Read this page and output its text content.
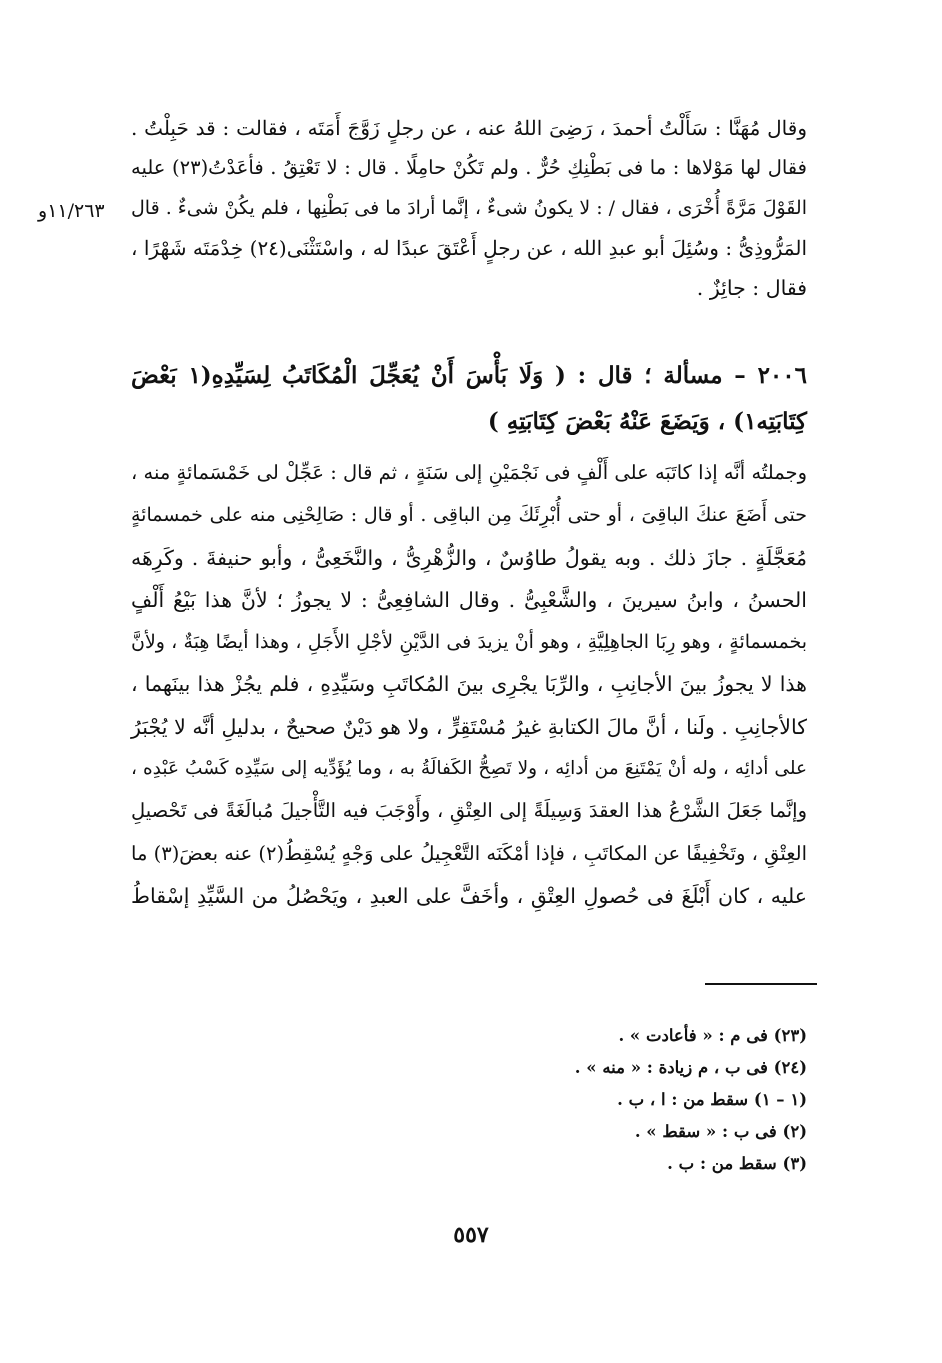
وقال مُهَنَّا : سَأَلْتُ أحمدَ ، رَضِىَ اللهُ عنه ، عن رجلٍ زَوَّجَ أَمَتَه ، فقالت : قد حَبِلْتُ .
فقال لها مَوْلاها : ما فى بَطْنِكِ حُرٌّ . ولم تَكُنْ حامِلًا . قال : لا تَعْتِقُ . فأعَدْتُ(٢٣) عليه
القَوْلَ مَرَّةً أُخْرَى ، فقال / : لا يكونُ شىءٌ ، إنَّما أرادَ ما فى بَطْنِها ، فلم يكُنْ شىءٌ . قال
المَرُّوذِىُّ : وسُئِلَ أبو عبدِ الله ، عن رجلٍ أَعْتَقَ عبدًا له ، واسْتَثْنَى(٢٤) خِدْمَتَه شَهْرًا ،
فقال : جائِزٌ .
١١/٢٦٣و
٢٠٠٦ – مسألة ؛ قال : ( وَلَا بَأْسَ أَنْ يُعَجِّلَ الْمُكَاتَبُ لِسَيِّدِهِ(١ بَعْضَ
كِتَابَتِه١) ، وَيَضَعَ عَنْهُ بَعْضَ كِتَابَتِهِ )
وجملتُه أنَّه إذا كاتَبَه على أَلْفٍ فى نَجْمَيْنِ إلى سَنَةٍ ، ثم قال : عَجِّلْ لى خَمْسَمائةٍ منه ،
حتى أَضَعَ عنكَ الباقِىَ ، أو حتى أُبْرِئَكَ مِن الباقِى . أو قال : صَالِحْنِى منه على خمسمائةٍ
مُعَجَّلَةٍ . جازَ ذلك . وبه يقولُ طاوُسٌ ، والزُّهْرِىُّ ، والنَّخَعِىُّ ، وأبو حنيفةَ . وكَرِهَه
الحسنُ ، وابنُ سيرينَ ، والشَّعْبِىُّ . وقال الشافِعِىُّ : لا يجوزُ ؛ لأنَّ هذا بَيْعُ أَلْفٍ
بخمسمائةٍ ، وهو رِبَا الجاهِلِيَّةِ ، وهو أنْ يزيدَ فى الدَّيْنِ لأجْلِ الأَجَلِ ، وهذا أيضًا هِبَةٌ ، ولأنَّ
هذا لا يجوزُ بينَ الأجانِبِ ، والرِّبَا يجْرِى بينَ المُكاتَبِ وسَيِّدِهِ ، فلم يجُزْ هذا بينَهما ،
كالأجانِبِ . ولَنا ، أنَّ مالَ الكتابةِ غيرُ مُسْتَقِرٍّ ، ولا هو دَيْنٌ صحيحٌ ، بدليلِ أنَّه لا يُجْبَرُ
على أدائِه ، وله أنْ يَمْتَنِعَ من أدائِه ، ولا تَصِحُّ الكَفالَةُ به ، وما يُؤَدِّيه إلى سَيِّدِه كَسْبُ عَبْدِه ،
وإنَّما جَعَلَ الشَّرْعُ هذا العقدَ وَسِيلَةً إلى العِتْقِ ، وأَوْجَبَ فيه التَّأْجيلَ مُبالَغَةً فى تَحْصيلِ
العِتْقِ ، وتَخْفِيفًا عن المكاتَبِ ، فإذا أمْكَنَه التَّعْجِيلُ على وَجْهٍ يُسْقِطُ(٢) عنه بعضَ(٣) ما
عليه ، كان أَبْلَغَ فى حُصولِ العِتْقِ ، وأخَفَّ على العبدِ ، ويَحْصُلُ من السَّيِّدِ إسْقاطُ
(٢٣) فى م : « فأعادت » .
(٢٤) فى ب ، م زيادة : « منه » .
(١ – ١) سقط من : ا ، ب .
(٢) فى ب : « سقط » .
(٣) سقط من : ب .
٥٥٧
